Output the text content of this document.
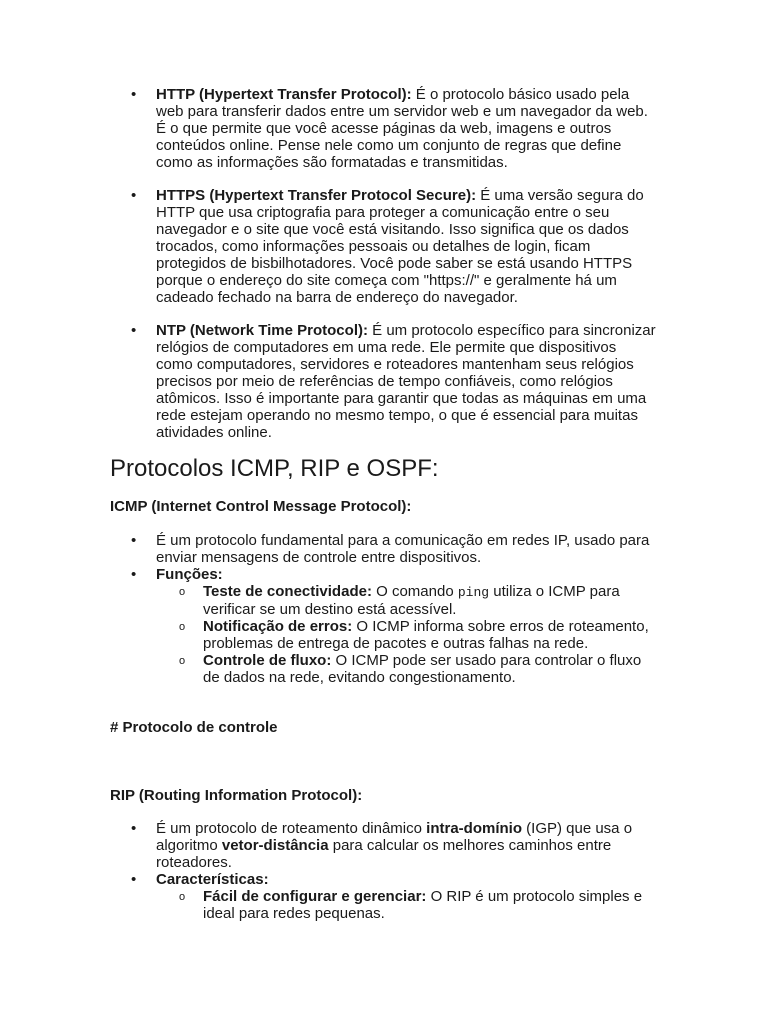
• HTTP (Hypertext Transfer Protocol): É o protocolo básico usado pela web para transferir dados entre um servidor web e um navegador da web. É o que permite que você acesse páginas da web, imagens e outros conteúdos online. Pense nele como um conjunto de regras que define como as informações são formatadas e transmitidas.
• HTTPS (Hypertext Transfer Protocol Secure): É uma versão segura do HTTP que usa criptografia para proteger a comunicação entre o seu navegador e o site que você está visitando. Isso significa que os dados trocados, como informações pessoais ou detalhes de login, ficam protegidos de bisbilhotadores. Você pode saber se está usando HTTPS porque o endereço do site começa com "https://" e geralmente há um cadeado fechado na barra de endereço do navegador.
• NTP (Network Time Protocol): É um protocolo específico para sincronizar relógios de computadores em uma rede. Ele permite que dispositivos como computadores, servidores e roteadores mantenham seus relógios precisos por meio de referências de tempo confiáveis, como relógios atômicos. Isso é importante para garantir que todas as máquinas em uma rede estejam operando no mesmo tempo, o que é essencial para muitas atividades online.
Protocolos ICMP, RIP e OSPF:
ICMP (Internet Control Message Protocol):
• É um protocolo fundamental para a comunicação em redes IP, usado para enviar mensagens de controle entre dispositivos.
• Funções:
o Teste de conectividade: O comando ping utiliza o ICMP para verificar se um destino está acessível.
o Notificação de erros: O ICMP informa sobre erros de roteamento, problemas de entrega de pacotes e outras falhas na rede.
o Controle de fluxo: O ICMP pode ser usado para controlar o fluxo de dados na rede, evitando congestionamento.
# Protocolo de controle
RIP (Routing Information Protocol):
• É um protocolo de roteamento dinâmico intra-domínio (IGP) que usa o algoritmo vetor-distância para calcular os melhores caminhos entre roteadores.
• Características:
o Fácil de configurar e gerenciar: O RIP é um protocolo simples e ideal para redes pequenas.
